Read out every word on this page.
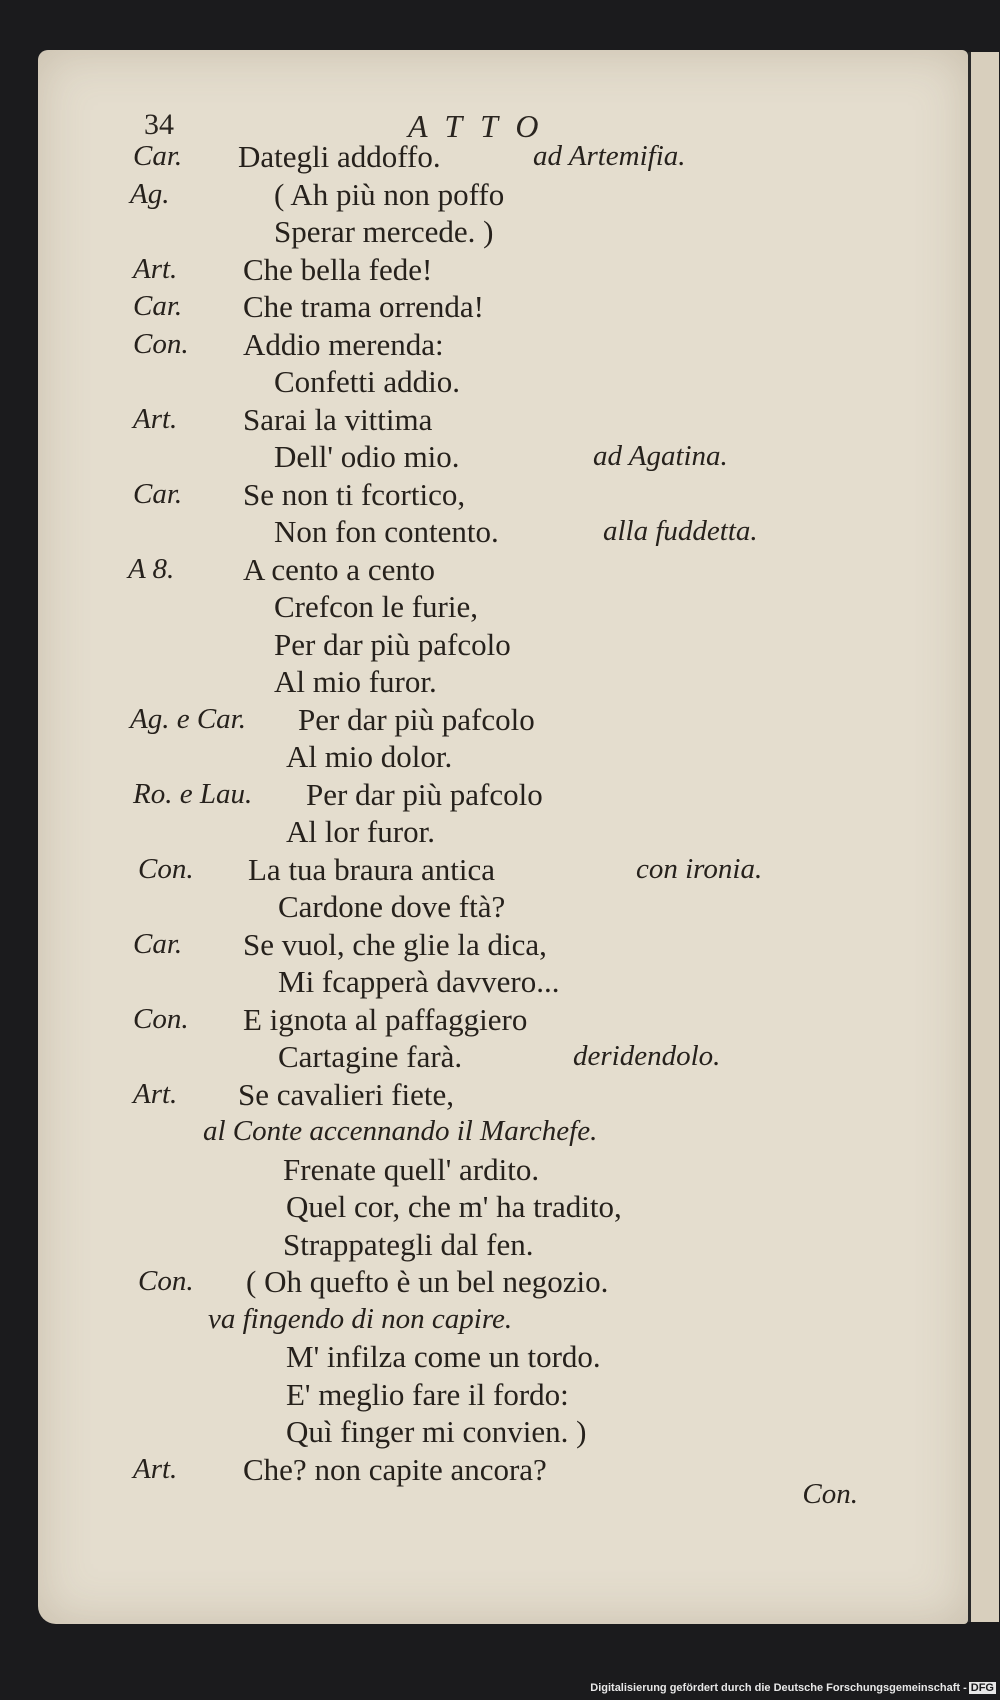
34	ATTO
Car. Dategli addoffo.	ad Artemifia.
Ag.	( Ah più non poffo
Sperar mercede. )
Art. Che bella fede!
Car. Che trama orrenda!
Con. Addio merenda:
Confetti addio.
Art. Sarai la vittima
Dell' odio mio.	ad Agatina.
Car. Se non ti fcortico,
Non fon contento.	alla fuddetta.
A 8. A cento a cento
Crefcon le furie,
Per dar più pafcolo
Al mio furor.
Ag. e Car. Per dar più pafcolo
Al mio dolor.
Ro. e Lau. Per dar più pafcolo
Al lor furor.
Con. La tua braura antica	con ironia.
Cardone dove ftà?
Car. Se vuol, che glie la dica,
Mi fcapperà davvero...
Con. E ignota al paffaggiero
Cartagine farà.	deridendolo.
Art. Se cavalieri fiete,
al Conte accennando il Marchefe.
Frenate quell' ardito.
Quel cor, che m' ha tradito,
Strappategli dal fen.
Con. ( Oh quefto è un bel negozio.
va fingendo di non capire.
M' infilza come un tordo.
E' meglio fare il fordo:
Quì finger mi convien. )
Art. Che? non capite ancora?
Con.
Digitalisierung gefördert durch die Deutsche Forschungsgemeinschaft - DFG
